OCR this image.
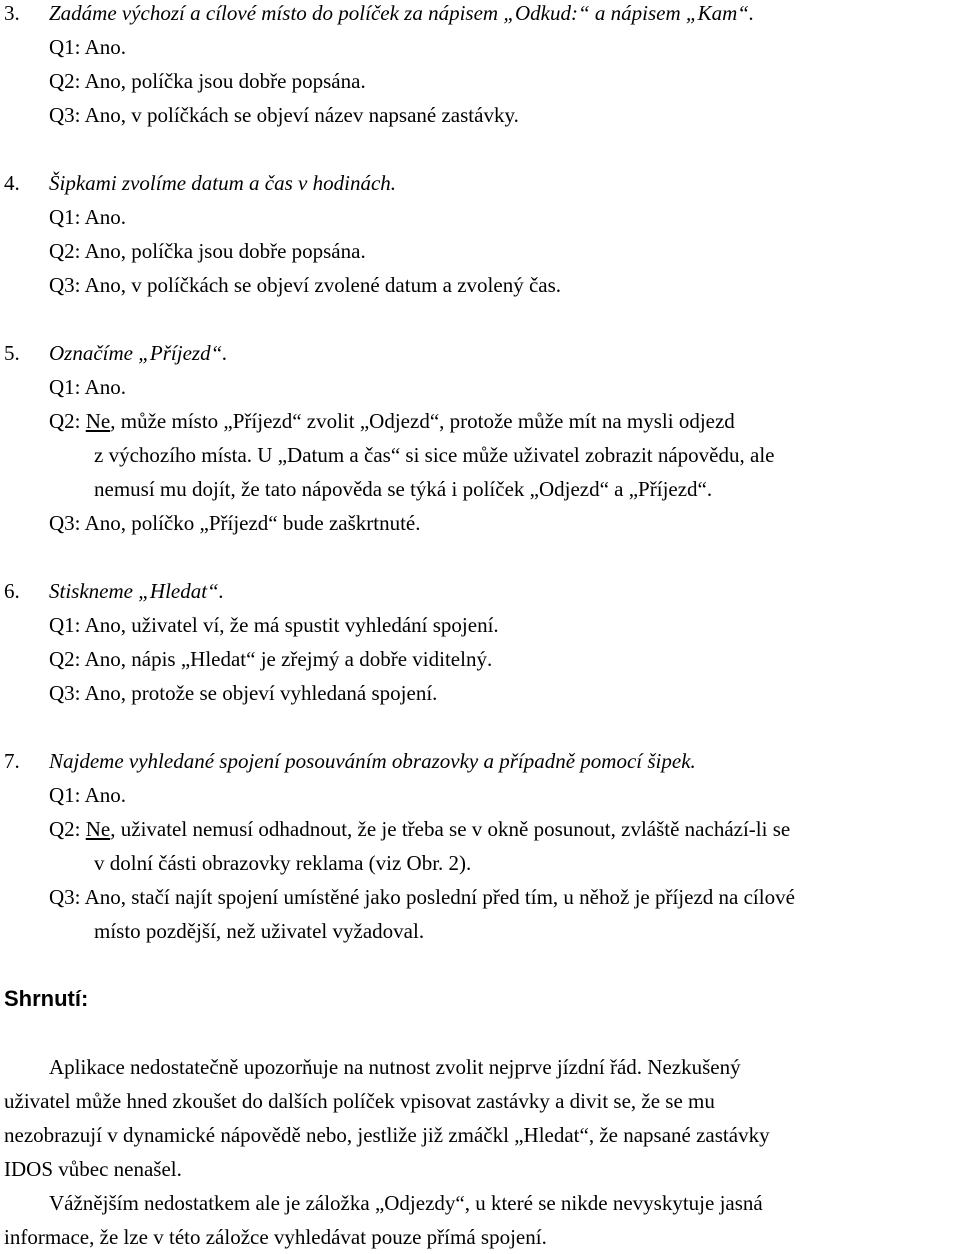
3. Zadáme výchozí a cílové místo do políček za nápisem „Odkud:“ a nápisem „Kam“.
Q1: Ano.
Q2: Ano, políčka jsou dobře popsána.
Q3: Ano, v políčkách se objeví název napsané zastávky.
4. Šipkami zvolíme datum a čas v hodinách.
Q1: Ano.
Q2: Ano, políčka jsou dobře popsána.
Q3: Ano, v políčkách se objeví zvolené datum a zvolený čas.
5. Označíme „Příjezd“.
Q1: Ano.
Q2: Ne, může místo „Příjezd“ zvolit „Odjezd“, protože může mít na mysli odjezd
z výchozího místa. U „Datum a čas“ si sice může uživatel zobrazit nápovědu, ale
nemusí mu dojít, že tato nápověda se týká i políček „Odjezd“ a „Příjezd“.
Q3: Ano, políčko „Příjezd“ bude zaškrtnuté.
6. Stiskneme „Hledat“.
Q1: Ano, uživatel ví, že má spustit vyhledání spojení.
Q2: Ano, nápis „Hledat“ je zřejmý a dobře viditelný.
Q3: Ano, protože se objeví vyhledaná spojení.
7. Najdeme vyhledané spojení posouváním obrazovky a případně pomocí šipek.
Q1: Ano.
Q2: Ne, uživatel nemusí odhadnout, že je třeba se v okně posunout, zvláště nachází-li se
v dolní části obrazovky reklama (viz Obr. 2).
Q3: Ano, stačí najít spojení umístěné jako poslední před tím, u něhož je příjezd na cílové
místo pozdější, než uživatel vyžadoval.
Shrnutí:
Aplikace nedostatečně upozorňuje na nutnost zvolit nejprve jízdní řád. Nezkušený
uživatel může hned zkoušet do dalších políček vpisovat zastávky a divit se, že se mu
nezobrazují v dynamické nápovědě nebo, jestliže již zmáčkl „Hledat“, že napsané zastávky
IDOS vůbec nenašel.
Vážnějším nedostatkem ale je záložka „Odjezdy“, u které se nikde nevyskytuje jasná
informace, že lze v této záložce vyhledávat pouze přímá spojení.
